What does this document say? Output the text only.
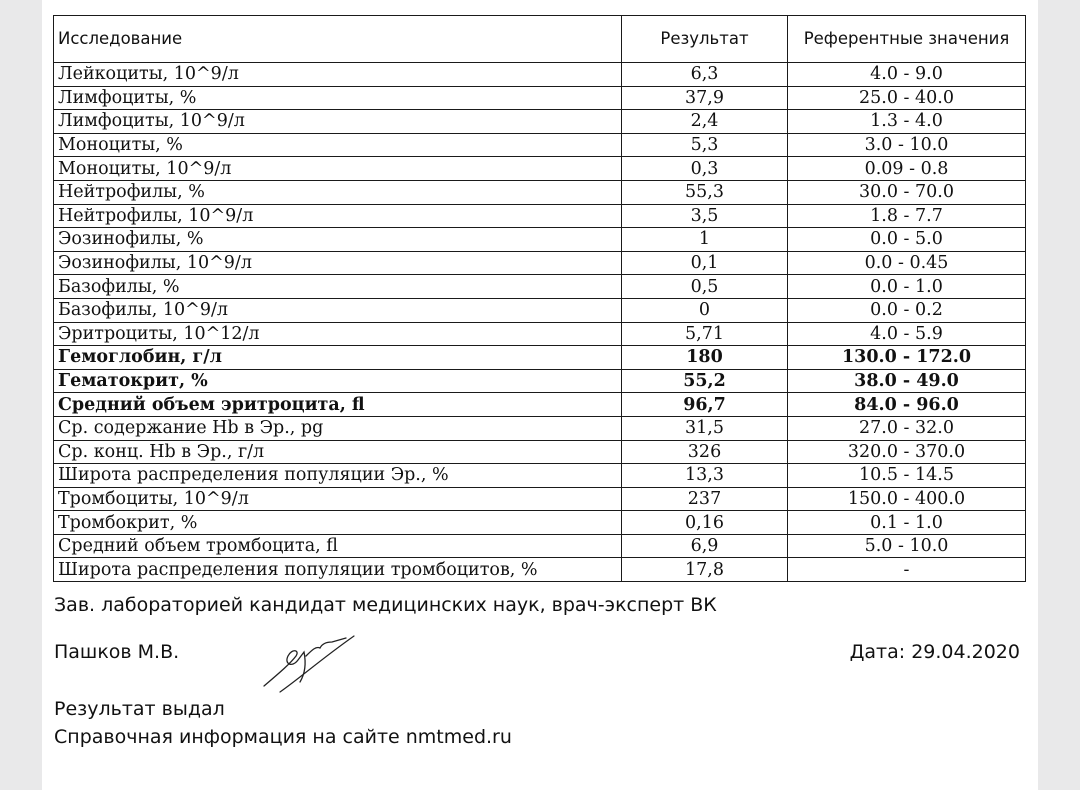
Исследование	Результат	Референтные значения
Лейкоциты, 10^9/л	6,3	4.0 - 9.0
Лимфоциты, %	37,9	25.0 - 40.0
Лимфоциты, 10^9/л	2,4	1.3 - 4.0
Моноциты, %	5,3	3.0 - 10.0
Моноциты, 10^9/л	0,3	0.09 - 0.8
Нейтрофилы, %	55,3	30.0 - 70.0
Нейтрофилы, 10^9/л	3,5	1.8 - 7.7
Эозинофилы, %	1	0.0 - 5.0
Эозинофилы, 10^9/л	0,1	0.0 - 0.45
Базофилы, %	0,5	0.0 - 1.0
Базофилы, 10^9/л	0	0.0 - 0.2
Эритроциты, 10^12/л	5,71	4.0 - 5.9
Гемоглобин, г/л	180	130.0 - 172.0
Гематокрит, %	55,2	38.0 - 49.0
Средний объем эритроцита, fl	96,7	84.0 - 96.0
Ср. содержание Hb в Эр., pg	31,5	27.0 - 32.0
Ср. конц. Hb в Эр., г/л	326	320.0 - 370.0
Широта распределения популяции Эр., %	13,3	10.5 - 14.5
Тромбоциты, 10^9/л	237	150.0 - 400.0
Тромбокрит, %	0,16	0.1 - 1.0
Средний объем тромбоцита, fl	6,9	5.0 - 10.0
Широта распределения популяции тромбоцитов, %	17,8	-
Зав. лабораторией кандидат медицинских наук, врач-эксперт ВК
Пашков М.В.	Дата: 29.04.2020
Результат выдал
Справочная информация на сайте nmtmed.ru
